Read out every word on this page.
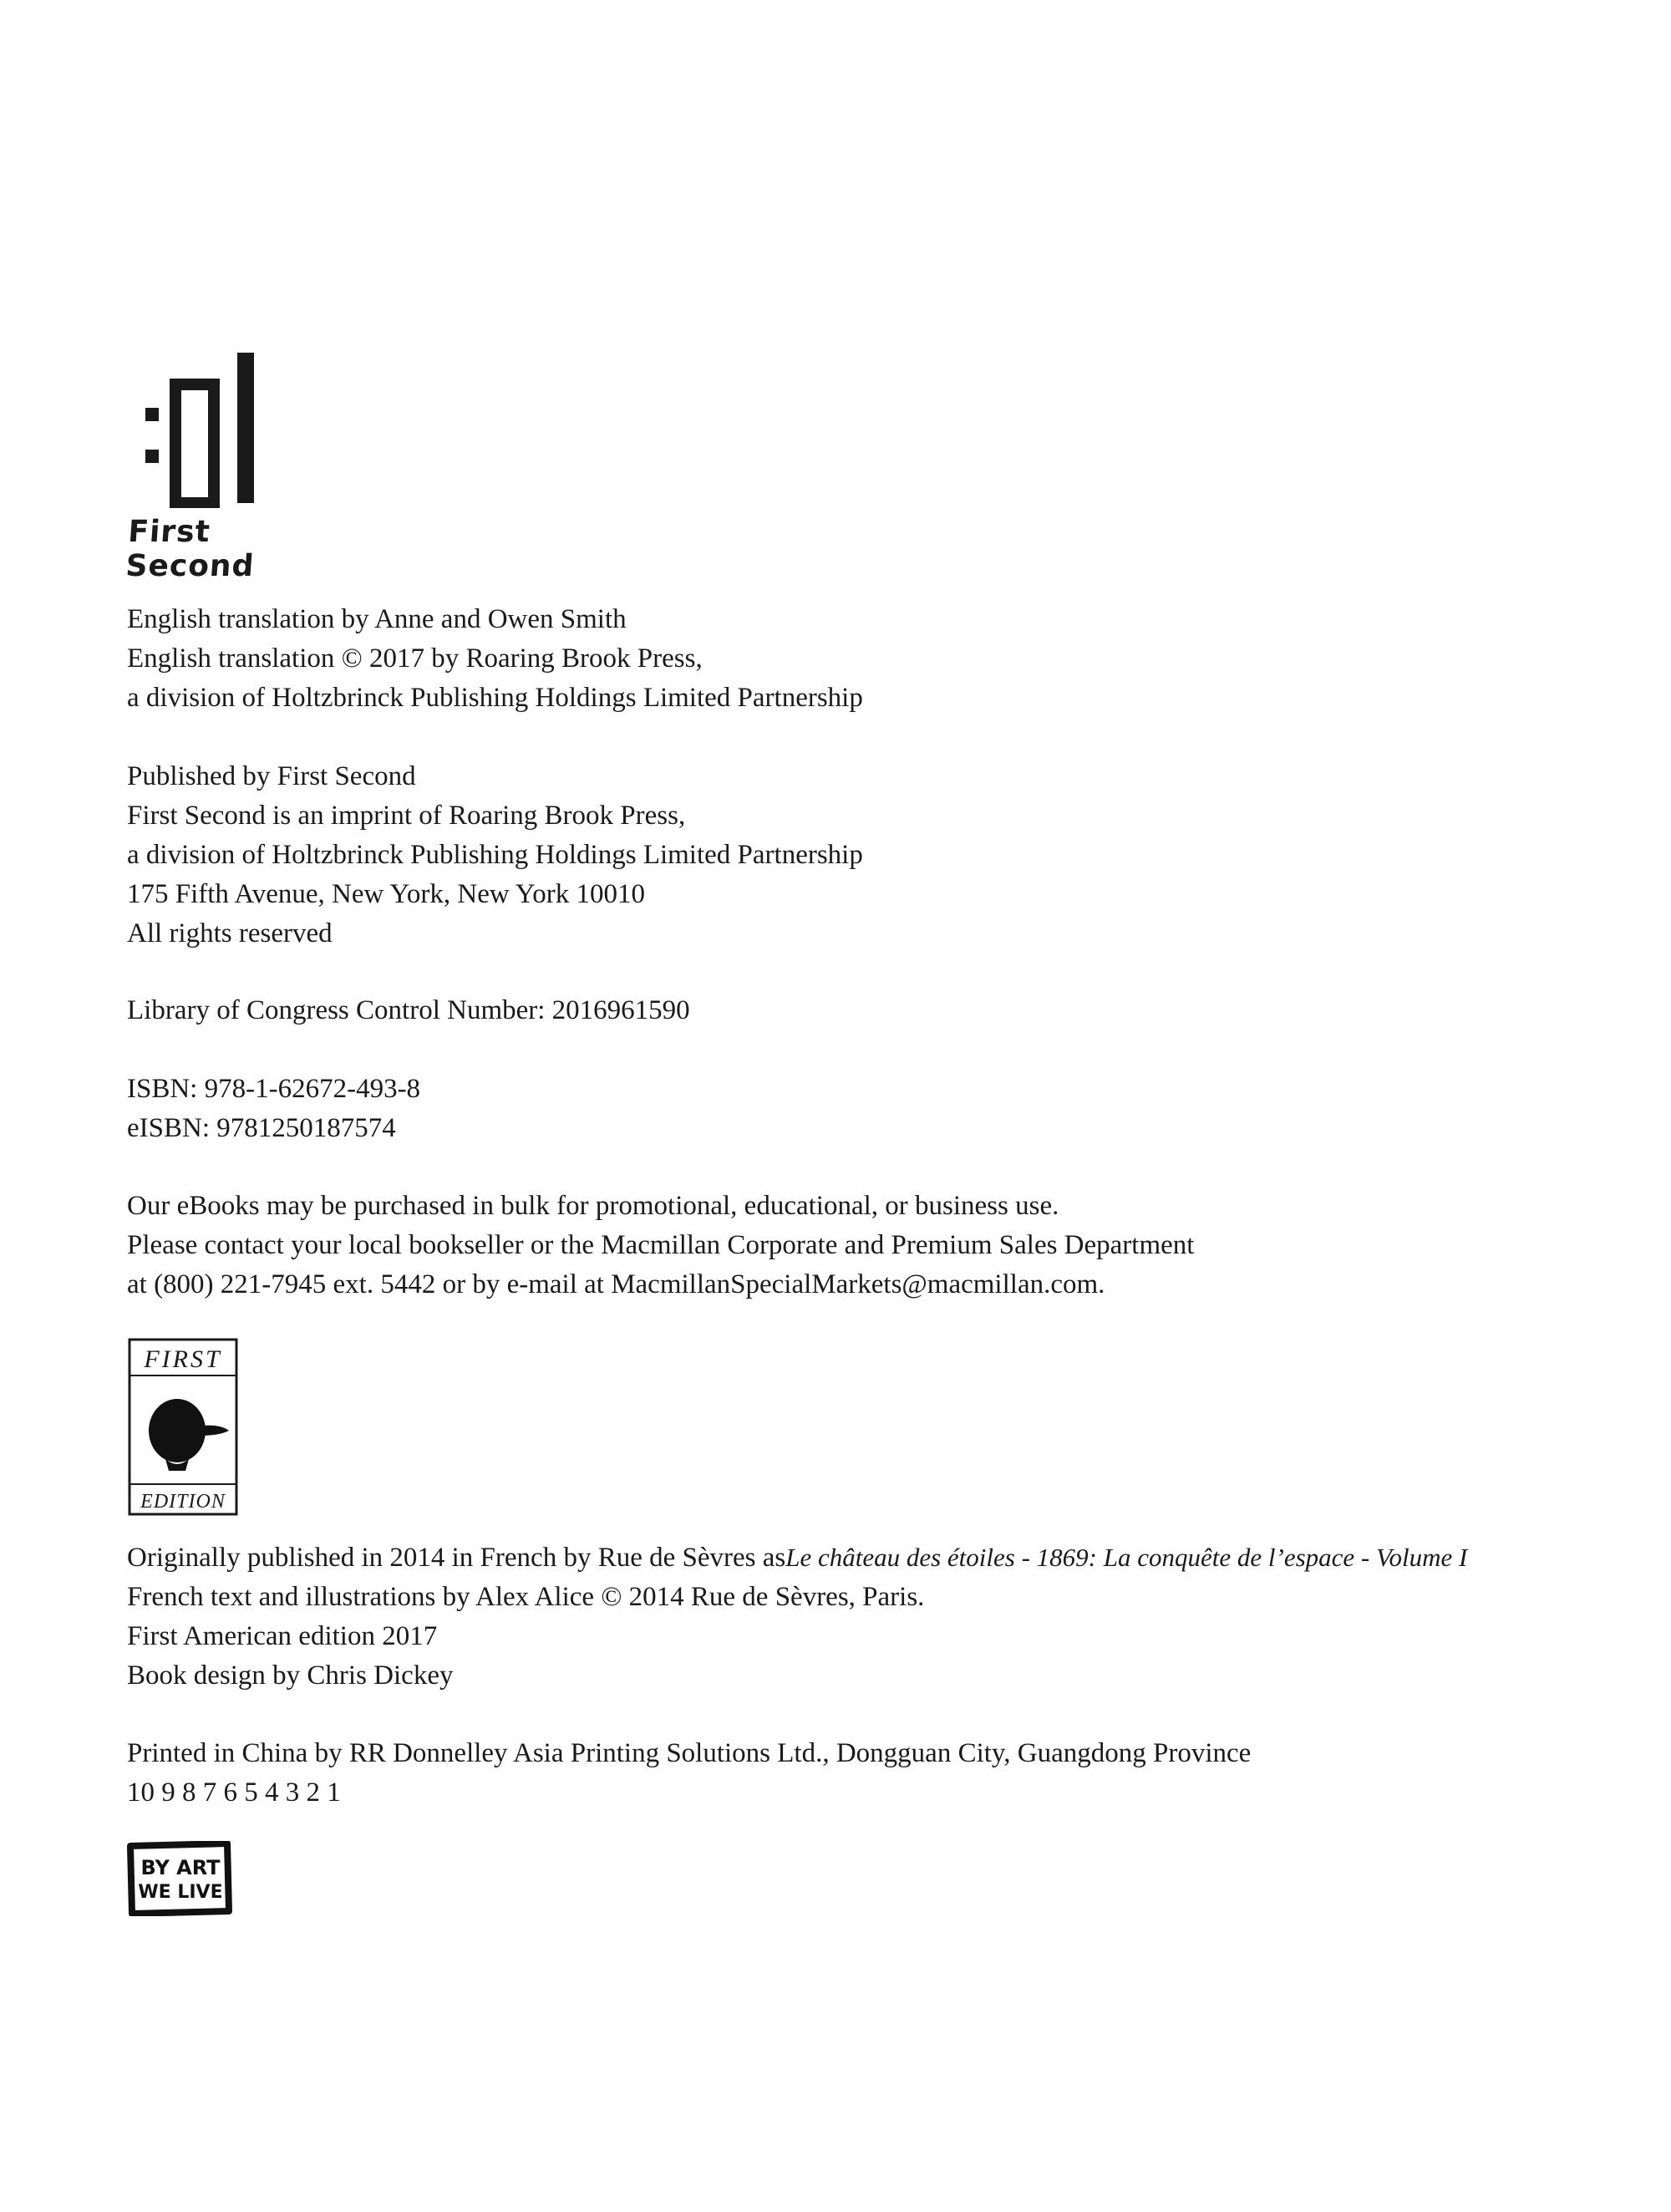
First Second

English translation by Anne and Owen Smith

English translation © 2017 by Roaring Brook Press,

a division of Holtzbrinck Publishing Holdings Limited Partnership

Published by First Second

First Second is an imprint of Roaring Brook Press,

a division of Holtzbrinck Publishing Holdings Limited Partnership

175 Fifth Avenue, New York, New York 10010

All rights reserved

Library of Congress Control Number: 2016961590

ISBN: 978-1-62672-493-8

eISBN: 9781250187574

Our eBooks may be purchased in bulk for promotional, educational, or business use.

Please contact your local bookseller or the Macmillan Corporate and Premium Sales Department

at (800) 221-7945 ext. 5442 or by e-mail at MacmillanSpecialMarkets@macmillan.com.

FIRST
EDITION

Originally published in 2014 in French by Rue de Sèvres asLe château des étoiles - 1869: La conquête de l’espace - Volume I

French text and illustrations by Alex Alice © 2014 Rue de Sèvres, Paris.

First American edition 2017

Book design by Chris Dickey

Printed in China by RR Donnelley Asia Printing Solutions Ltd., Dongguan City, Guangdong Province

10 9 8 7 6 5 4 3 2 1

BY ART
WE LIVE
